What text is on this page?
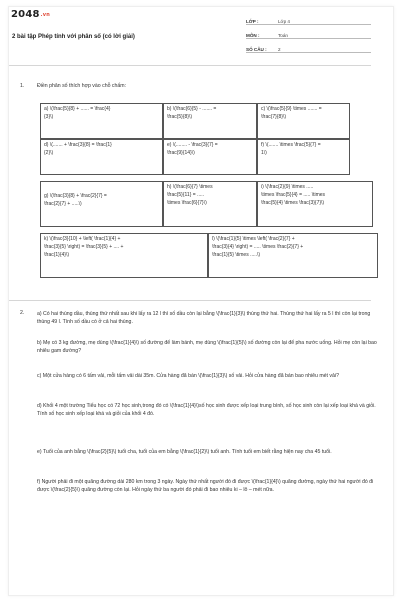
2048.vn
2 bài tập Phép tính với phân số (có lời giải)
LỚP :	Lớp 4
MÔN :	Toán
SỐ CÂU :	2
1. Điền phân số thích hợp vào chỗ chấm:
a) \(\frac{5}{8} + ...... = \frac{4}
{3}\)
b) \(\frac{6}{5} - ....... =
\frac{5}{8}\)
c) \(\frac{5}{9} \times ....... =
\frac{7}{8}\)
d) \(....... + \frac{3}{8} = \frac{1}
{2}\)
e) \(........ - \frac{3}{7} =
\frac{9}{14}\)
f) \(....... \times \frac{5}{7} =
1\)
g) \(\frac{3}{8} + \frac{2}{7} =
\frac{2}{7} + .....\)
h) \(\frac{6}{7} \times
\frac{5}{11} = .....
\times \frac{6}{7}\)
i) \(\frac{2}{9} \times .....
\times \frac{5}{4} = ..... \times
\frac{5}{4} \times \frac{3}{7}\)
k) \(\frac{3}{10} + \left( \frac{1}{4} +
\frac{3}{5} \right) = \frac{3}{5} + .... +
\frac{1}{4}\)
l) \(\frac{1}{5} \times \left( \frac{2}{7} +
\frac{3}{4} \right) = ..... \times \frac{2}{7} +
\frac{1}{5} \times .....\)
2. a) Có hai thùng dầu, thùng thứ nhất sau khi lấy ra 12 l thì số dầu còn lại bằng \(\frac{1}{3}\) thùng thứ hai. Thùng thứ hai lấy ra 5 l thì còn lại trong thùng 49 l. Tính số dầu có ở cả hai thùng.
b) Mẹ có 3 kg đường, mẹ dùng \(\frac{1}{4}\) số đường để làm bánh, mẹ dùng \(\frac{1}{5}\) số đường còn lại để pha nước uống. Hỏi mẹ còn lại bao nhiêu gam đường?
c) Một cửa hàng có 6 tấm vải, mỗi tấm vải dài 35m. Cửa hàng đã bán \(\frac{1}{3}\) số vải. Hỏi cửa hàng đã bán bao nhiêu mét vải?
d) Khối 4 một trường Tiểu học có 72 học sinh,trong đó có \(\frac{1}{4}\)số học sinh được xếp loại trung bình, số học sinh còn lại xếp loại khá và giỏi. Tính số học sinh xếp loại khá và giỏi của khối 4 đó.
e) Tuổi của anh bằng \(\frac{2}{5}\) tuổi cha, tuổi của em bằng \(\frac{1}{2}\) tuổi anh. Tính tuổi em biết rằng hiện nay cha 45 tuổi.
f) Người phải đi một quãng đường dài 280 km trong 3 ngày. Ngày thứ nhất người đó đi được \(\frac{1}{4}\) quãng đường, ngày thứ hai người đó đi được \(\frac{2}{5}\) quãng đường còn lại. Hỏi ngày thứ ba người đó phải đi bao nhiêu ki – lô – mét nữa.
